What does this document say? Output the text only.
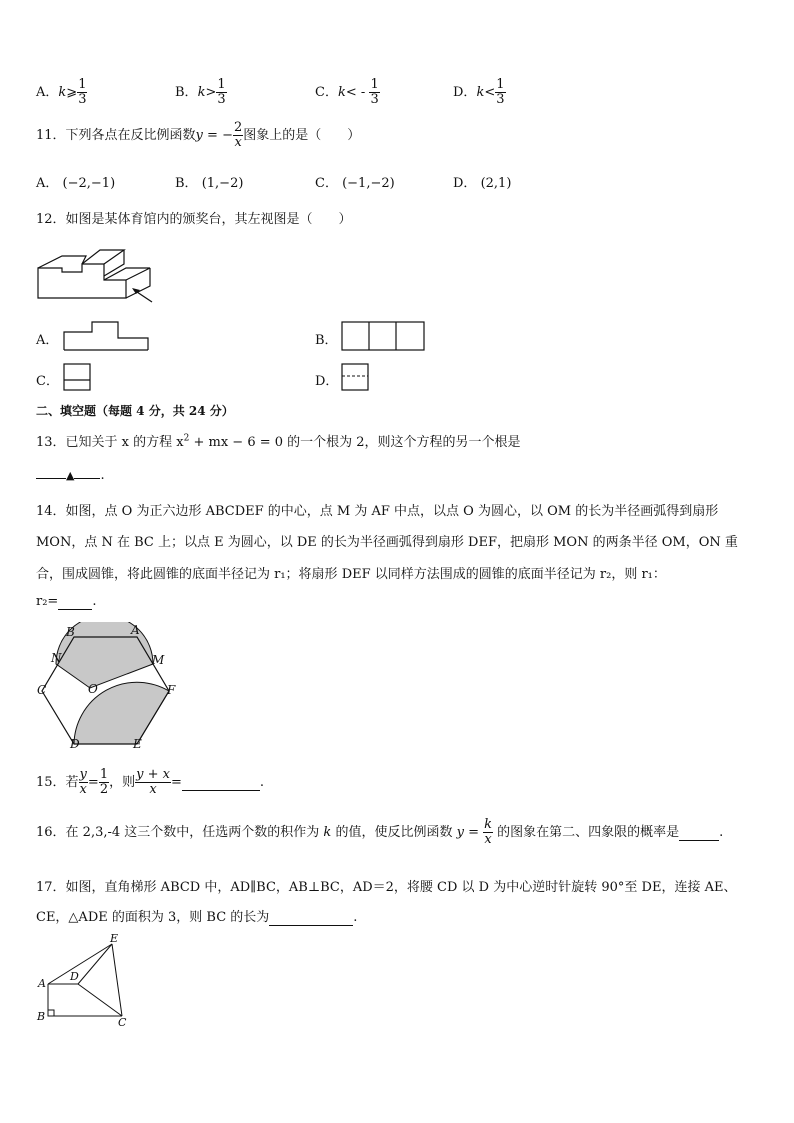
A．k⩾ $\frac{1}{3}$	B．$k> \frac{1}{3}$	C．$k< - \frac{1}{3}$	D．$k< \frac{1}{3}$
11．下列各点在反比例函数y = − $\frac{2}{x}$ 图象上的是（　　）
A． (−2,−1)	B． (1,−2)	C． (−1,−2)	D． (2,1)
12．如图是某体育馆内的颁奖台，其左视图是（　　）
A．	B．
C．	D．
二、填空题（每题 4 分，共 24 分）
13．已知关于 x 的方程 $x^2$ + mx − 6 = 0 的一个根为 2，则这个方程的另一个根是
▲ .
14．如图，点 O 为正六边形 ABCDEF 的中心，点 M 为 AF 中点，以点 O 为圆心，以 OM 的长为半径画弧得到扇形
MON，点 N 在 BC 上；以点 E 为圆心，以 DE 的长为半径画弧得到扇形 DEF，把扇形 MON 的两条半径 OM，ON 重
合，围成圆锥，将此圆锥的底面半径记为 r₁；将扇形 DEF 以同样方法围成的圆锥的底面半径记为 r₂，则 r₁：
r₂=	.
B	A
N	M
C	O	F
D	E
15．若 $\frac{y}{x} = \frac{1}{2}$ ，则 $\frac{y + x}{x}$ =	.
16．在 2,3,-4 这三个数中，任选两个数的积作为 k 的值，使反比例函数 $y = \frac{k}{x}$ 的图象在第二、四象限的概率是	.
17．如图，直角梯形 ABCD 中，AD∥BC，AB⊥BC，AD＝2，将腰 CD 以 D 为中心逆时针旋转 90°至 DE，连接 AE、
CE，△ADE 的面积为 3，则 BC 的长为	.
A
B	C
D
E
